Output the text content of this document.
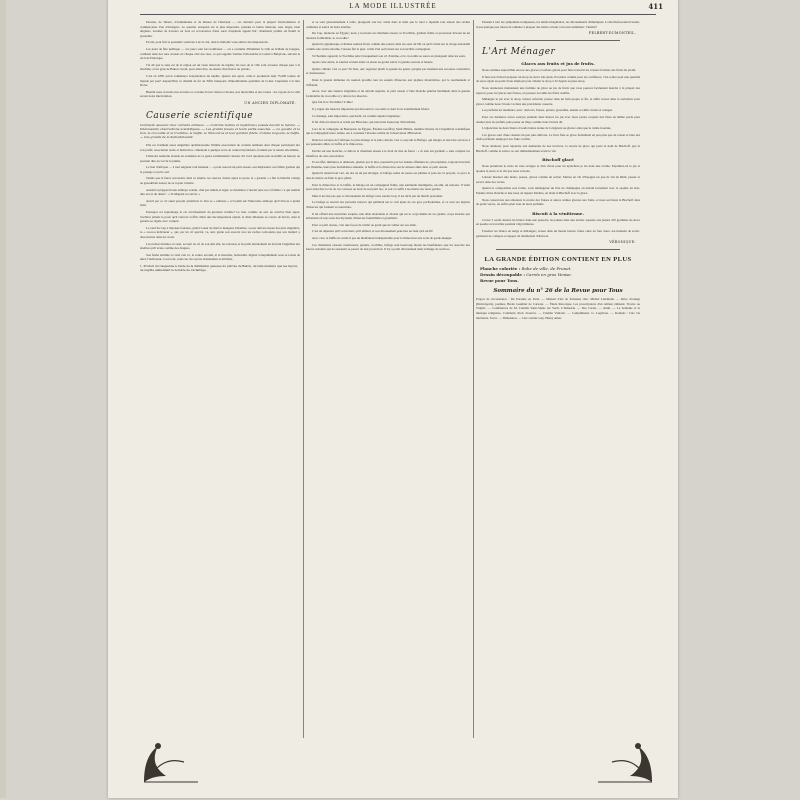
LA MODE ILLUSTRÉE	411

Persane, de Tabarz, d'Arménienne et de Russes de l'intérieur — ces derniers pour la plupart fonctionnaires et commerçants. Peu d'étrangers. Le quartier européen est le plus important, grandes et belles maisons, rues larges, bien alignées, bordées de trottoirs en bois ou recouvertes d'une sorte d'asphalte appelé Kir; charmants jardins où fleurit le grenadier.

En été, pour fuir la poussière soulevée à de la cité, dont le mélodie vous enlève des impressions.

Les jours de fête publique — ces jours sont fort nombreux — on a coutume d'illuminer la ville au brillant de bougies, combien dans des rues creusés de chaque côté des rues, ce qui rappelle l'entrée d'Alexandre le Grand à Babylone, suivant le récit de Plutarque.

J'ai dit que le sens est de la région est un vaste réservoir de naphte; les rues de la ville sont arrosées chaque jour à la machine, et les gens de Bakou vivent, pour ainsi dire, au-dessus d'un fleuve de pétrole.

C'est en 1885 qu'on commença l'exploitation du naphte. Quatre ans après, celle-ci produisait déjà 75,000 tonnes de liquide par jour! Aujourd'hui, le chemin de fer de Tiflis transporte d'innombrables quantités de la mer Caspienne à la mer Noire.

Bientôt nous croirons nos trottoirs et, revenus là nos visites et modes, nos merveilles et nos routes : les rayons de la ville seront notre intervention.

UN ANCIEN DIPLOMATE.
Causerie scientifique
Comment associer chez certains animaux. — Contrats tacites et mystérieux passés devant la nature. — Intéressants observations scientifiques. — Les grands fauves et leurs petits associés. — La gazelle et le lion, le crocodile et le trochilus, le buffle, le rhinocéros et leur gardien fidèle. Comme toujours, le buffle. — Ces grands de la Kadschinsandi.

Elle est vraiment assez singulière qu'intéressante l'intime association de certains animaux dont chaque participant tire son profit; association tacite et instinctive, cimentant à quelque sorte de contrat mystérieux, formulé par la nature elle-même.

L'histoire naturelle abonde en exemples de ce genre extrêmement curieux. En voici quelques-uns recueillis au hasard, au pourrait dire au vol de la plume.

Le lion d'Afrique — à tout seigneur tout honneur — a pour associé un petit oiseau, son imprudent, son fidèle gardien qui le protège et qui le sert.

Tandis que le fauve savourant, dans sa tanière, les sources claires après sa proie, le « garante » a fait la blanche voltige au gazouillant autour de sa royale crinière.

Aussitôt qu'apparait une antilope venant, d'un pas timide et léger, se désaltérer, l'oiselet jette un cri fébrile: ce qui semble dire au roi du désert : « Ta Majesté est servie. »

Averti par ce cri aussi perçant qu'amical, le lion se « ramasse » et bondit sur l'innocente antilope qu'il dévore à grand bruit.

Pourquoi cet espionnage et cet avertissement du gracieux volatile? Le lion, comme on sait, ne convive bien après, n'achève jamais la proie qu'il vient de s'offrir. Dans une décomposition rapide, la chair délaissée se couvre de larves, dont le garante se régale avec volupté.

Le ratel du Cap à l'épaisse fourrure, grand voleur de miel et mangeur d'abeilles, a pour ami un oiseau des plus singuliers, le « coucou indicateur », qui, par un cri spécial, va, suit, guide son associé vers les ruches convoitées que son instinct a découvertes dans les creux.

Les ruches désirées, le ratel, accourt au cri de son ami ailé, les renverse et les pille brutalement en bravant l'aiguillon des abeilles qu'il avale comme des dragées.

Son festin terminé, le ratel s'en va, le ventre arrondi, et le mouchet, barbouillé, digérer tranquillement sous sa toison de miel; l'indicateur, à son tour, saute sur les rayons abandonnés et déchirés.

1. Produit du Caspienne à l'aide de la distillation gazeuse du pétrole de Bakou, de telle manière que les rayons de naphte alimentent le nombre de l'éclairage.

et se sont gloutonnement à table, plongeant son bec avide dans le miel que le ratel a répandu tout autour des ruches culbutées et sauvé de leurs abeilles.

Du Cap, montons en Égypte; nous y trouvons un charmant oiseau, le Trochilus, gardien fidèle et protecteur dévoué de un monstre formidable, le crocodile!

Quand le gigantesque et hideux saurien flotte comme une poutre dans les eaux du Nil ou qu'il s'étale sur le rivage ensoleillé comme une racine énorme, l'oiseau fait le guet, veille d'un oeil jaloux sur son terrible compagnon.

Si l'homme apparaît, le Trochilus jette brusquement son cri d'alarme, et le crocodile se sauve en plongeant dans les eaux.

Après cette alerte, le saurien revient étaler sa sieste au grand soleil, la gueule ouverte et béante.

Quelle culbute c'est ce pas? dit bien, oui; regardez plutôt la gueule du géant, qu'agite par moment une secousse convulsive et douloureuse.

Dans la gueule immense du saurien grouille tout un essaim d'insectes aux piqûres intolérables, qui le tourmentent et l'affolent.

Alors, avec une aisance singulière et un entrain superbe, le petit oiseau à l'aile blanche pénètre hardiment dans la gueule formidable du crocodile et y dévore les insectes.

Que fait là le Trochilus? il dîne!

Il y règne des insectes importuns qui dévorent le crocodile et dont il est extrêmement friand.

Ce manège, sans importance que hardi, est comme depuis longtemps.

Il fut d'abord observé et relaté par Hérodote, qui rencontra beaucoup d'incrédules.

Lors de la campagne de Bonaparte en Égypte, Étienne Geoffroy Saint-Hilaire, membre illustre de l'expédition scientifique qui accompagnait notre armée, eut à constater l'absolue réalité de l'observation d'Hérodote.

Dans les savanes de l'Afrique, le plus étrange et le plus curieux c'est à coup sûr le Bufaga, qui intègre et rend des services à ses puissants alliés, le buffle et le rhinocéros.

Perché sur une branche, ce délicat et charmant oiseau à le droit de dire au fauve : « Je suis ton gardien! » sans compter les bénéfices de cette association.

Et en effet, militaires et délaissés, guettés par le lion, poursuivis par les bandes affamées de cynocéphales, toujours harcelés par l'homme, leurs plus formidables ennemis, le buffle et le rhinocéros ont de sérieux amis dans ce petit oiseau.

Quand il entend tout vert, un rire ou un pas étranger, le bufaga sonne de toutes ses plumes et jette un cri perçant, ce qui a le don de mettre en fuite le gros gibier.

Pour le rhinocéros et le buffle, le bufaga est un compagnon fidèle, une sentinelle intelligente, un ami, un sauveur. Il vient pour ainsi dire la vie de ces colosses au bout de son petit bec, et son cri suffit à les mettre sur leurs gardes.

Mais il ne faut pas que ce dévouement du bufaga vous touche trop; il est dicté par un intérêt personnel.

Le bufaga se nourrit des parasites tenaces qui pullulent sur le cuir épais de ces gros pachydermes, et ce sont ses légions d'insectes qui forment sa nourriture.

Il lui offrent une nourriture exquise, une table abondante et choisie qui est le corps même de ces géants, corps énorme que sillonnent en tous sens des myriades d'insectes fourmillant et grouillant.

Pour ce petit oiseau, c'est une façon de veiller au grain que de veiller sur ses amis.

C'est un déjeuner qu'il convoitait, qu'il défend, et son dévouement peut-être ne tient qu'à un fil!

Avec cela, le buffle ne serait-il pas un bienfaiteur indispensable pour le rhinocéros une sorte de garde-manger.

Ces charmants oiseaux avertisseurs, garants, trochilus, bufaga sont beaucoup moins les bienfaiteurs que les associés des fauves redoutés qui ne sauraient se passer de leur protection. Il n'y a point dévouement mais échange de services.

Pensant à tout les sympathies trompeuses, les unités imaginaires, les dévouements chimériques. La Rochefoucauld n'aurait-il pas quelque peu raison de ramener à plaquer des belles actions à un seul sentiment : l'intérêt!

FELBERT-DUMONTEIL.
L'Art Ménager
Glaces aux fruits et jus de fruits.

Nous sommes aujourd'hui encore aux glaces et sorbets glacés pour faire ressortir les saveurs fraîches des fruits du jardin.

Il faut tout d'abord préparer un sirop de sucre très épais. Procédez comme pour les confitures; c'est-à-dire pour une quantité de sucre égale au poids d'eau employé pour obtenir le sirop à 32 degrés au pèse-sirop.

Nous donnerons maintenant une formule de glace au jus de fruits que vous pourrez facilement étendre à la plupart des espèces; pour les glaces aux fraises, on passera au tamis les fruits cueillis.

Mélangez le jus avec le sirop, laissez refroidir, passez dans un bain propre et fin, et enfin versez dans la sorbetière pour glacer comme nous l'avons vu dans une précédente causerie.

Les parfums les meilleurs, sont : abricots, fraises, prunes, groseilles, ananas et enfin citrons et oranges.

Pour ces dernières sortes essayez pendant deux heures les jus avec leurs peaux coupées très fines au même poids pour donner plus de parfum, puis passer au linge comme nous l'avons dit.

L'adjonction de deux blancs d'oeufs battus donne de la légèreté au glacier ainsi que la crème fouettée.

Ces glaces sont d'une réussite un peu plus délicate. Le fruit frais se glace facilement en peu plus que de raison et bien des chefs préfèrent employer des fruits confits.

Nous donnons, pour répondre aux demandes de nos lectrices, la recette de glace qui porte le nom de Bischoff, que le Bischoff, comme le sorbet, se sert immédiatement avant le vin.

Bischoff glacé

Nous prendrons le zeste de trois oranges et d'un citron pour un épluchure je les dans une terrine. Exprimez-en le jus et ajoutez le sucre et le vin que nous versons.

Laissez macérer une heure, passez, glacez comme un sorbet. Mettez en vin d'Espagne un peu de vin du Rhin, passez et servez dans des verres.

Quand la composition sera ferme, vous mélangerez un litre de champagne en battant fortement avec la spatule en bois. Ensuite d'une blanche et une tasse de liqueur Madère, en ôtant le Bischoff avec la glace.

Nous conservons aux amateurs la recette des fraises et autres crèmes glacées aux fruits, et nous servirons le Bischoff dans de petits verres, ou enfin qu'en veut de leurs parfums.

Biscuit à la vénitienne.

Crever 5 oeufs, mettez les blancs dans une passoire, les jaunes dans une terrine. Ajoutez aux jaunes 250 grammes de sucre en poudre et travaillez pendant vingt minutes.

Fouettez les blancs en neige et mélangez; versez dans un moule beurré, faites cuire au four doux. Au moment de servir, garnissez de compote et nappez de marmelade d'abricots.

VÉRONIQUE.
LA GRANDE ÉDITION CONTIENT EN PLUS
Planche coloriée : Robe de ville, de Prunet.
Dessin découpable : Carrés en gros Venise.
Revue pour Tous.
Sommaire du n° 26 de la Revue pour Tous

Propos de circonstance : De Paranne en Paris. — Manuel d'été de Parisiens chic, Michel Liebmann. — Rêve d'orange (Dulverperis), poèmes, Brette Gauthier de Carteret. — Étude historique. Les proscriptions d'un tailleur éminent. Trouve au Vuipris. — Confidences de M. Camille Saint-Saëns sur Verdi. L'Industrie. — Des Cartes. — Antin. — La Semaine et le musique religieuse. Comment chois d'oeuvre. — Cinéma Vaincult. — Compliments. G. Lagrèvue. — Romans : Une vie intérieure, Serve. — Dimension. — Une contrée Guy. Henry Amer.
